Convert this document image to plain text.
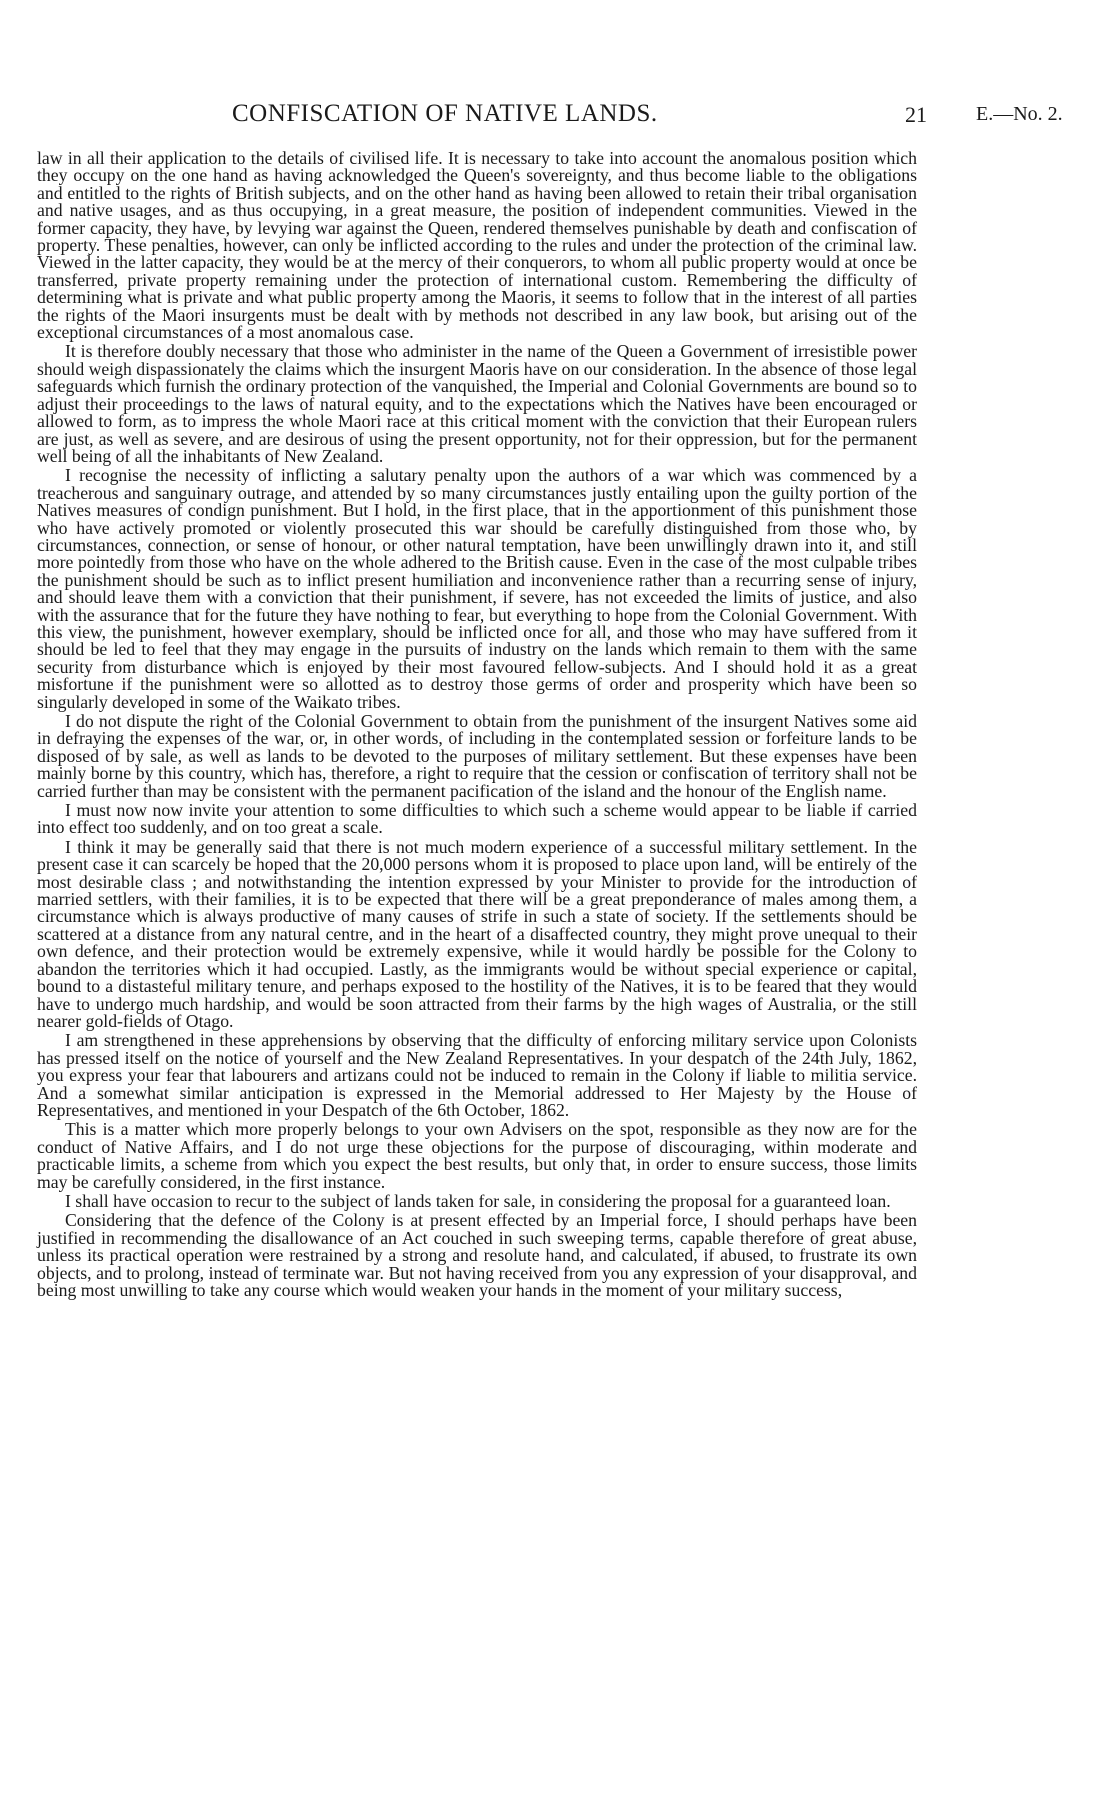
CONFISCATION OF NATIVE LANDS.	21 E.—No. 2.

law in all their application to the details of civilised life. It is necessary to take into account the anomalous position which they occupy on the one hand as having acknowledged the Queen's sovereignty, and thus become liable to the obligations and entitled to the rights of British subjects, and on the other hand as having been allowed to retain their tribal organisation and native usages, and as thus occupying, in a great measure, the position of independent communities. Viewed in the former capacity, they have, by levying war against the Queen, rendered themselves punishable by death and confiscation of property. These penalties, however, can only be inflicted according to the rules and under the protection of the criminal law. Viewed in the latter capacity, they would be at the mercy of their conquerors, to whom all public property would at once be transferred, private property remaining under the protection of international custom. Remembering the difficulty of determining what is private and what public property among the Maoris, it seems to follow that in the interest of all parties the rights of the Maori insurgents must be dealt with by methods not described in any law book, but arising out of the exceptional circumstances of a most anomalous case.

It is therefore doubly necessary that those who administer in the name of the Queen a Government of irresistible power should weigh dispassionately the claims which the insurgent Maoris have on our consideration. In the absence of those legal safeguards which furnish the ordinary protection of the vanquished, the Imperial and Colonial Governments are bound so to adjust their proceedings to the laws of natural equity, and to the expectations which the Natives have been encouraged or allowed to form, as to impress the whole Maori race at this critical moment with the conviction that their European rulers are just, as well as severe, and are desirous of using the present opportunity, not for their oppression, but for the permanent well being of all the inhabitants of New Zealand.

I recognise the necessity of inflicting a salutary penalty upon the authors of a war which was commenced by a treacherous and sanguinary outrage, and attended by so many circumstances justly entailing upon the guilty portion of the Natives measures of condign punishment. But I hold, in the first place, that in the apportionment of this punishment those who have actively promoted or violently prosecuted this war should be carefully distinguished from those who, by circumstances, connection, or sense of honour, or other natural temptation, have been unwillingly drawn into it, and still more pointedly from those who have on the whole adhered to the British cause. Even in the case of the most culpable tribes the punishment should be such as to inflict present humiliation and inconvenience rather than a recurring sense of injury, and should leave them with a conviction that their punishment, if severe, has not exceeded the limits of justice, and also with the assurance that for the future they have nothing to fear, but everything to hope from the Colonial Government. With this view, the punishment, however exemplary, should be inflicted once for all, and those who may have suffered from it should be led to feel that they may engage in the pursuits of industry on the lands which remain to them with the same security from disturbance which is enjoyed by their most favoured fellow-subjects. And I should hold it as a great misfortune if the punishment were so allotted as to destroy those germs of order and prosperity which have been so singularly developed in some of the Waikato tribes.

I do not dispute the right of the Colonial Government to obtain from the punishment of the insurgent Natives some aid in defraying the expenses of the war, or, in other words, of including in the contemplated session or forfeiture lands to be disposed of by sale, as well as lands to be devoted to the purposes of military settlement. But these expenses have been mainly borne by this country, which has, therefore, a right to require that the cession or confiscation of territory shall not be carried further than may be consistent with the permanent pacification of the island and the honour of the English name.

I must now now invite your attention to some difficulties to which such a scheme would appear to be liable if carried into effect too suddenly, and on too great a scale.

I think it may be generally said that there is not much modern experience of a successful military settlement. In the present case it can scarcely be hoped that the 20,000 persons whom it is proposed to place upon land, will be entirely of the most desirable class ; and notwithstanding the intention expressed by your Minister to provide for the introduction of married settlers, with their families, it is to be expected that there will be a great preponderance of males among them, a circumstance which is always productive of many causes of strife in such a state of society. If the settlements should be scattered at a distance from any natural centre, and in the heart of a disaffected country, they might prove unequal to their own defence, and their protection would be extremely expensive, while it would hardly be possible for the Colony to abandon the territories which it had occupied. Lastly, as the immigrants would be without special experience or capital, bound to a distasteful military tenure, and perhaps exposed to the hostility of the Natives, it is to be feared that they would have to undergo much hardship, and would be soon attracted from their farms by the high wages of Australia, or the still nearer gold-fields of Otago.

I am strengthened in these apprehensions by observing that the difficulty of enforcing military service upon Colonists has pressed itself on the notice of yourself and the New Zealand Representatives. In your despatch of the 24th July, 1862, you express your fear that labourers and artizans could not be induced to remain in the Colony if liable to militia service. And a somewhat similar anticipation is expressed in the Memorial addressed to Her Majesty by the House of Representatives, and mentioned in your Despatch of the 6th October, 1862.

This is a matter which more properly belongs to your own Advisers on the spot, responsible as they now are for the conduct of Native Affairs, and I do not urge these objections for the purpose of discouraging, within moderate and practicable limits, a scheme from which you expect the best results, but only that, in order to ensure success, those limits may be carefully considered, in the first instance.

I shall have occasion to recur to the subject of lands taken for sale, in considering the proposal for a guaranteed loan.

Considering that the defence of the Colony is at present effected by an Imperial force, I should perhaps have been justified in recommending the disallowance of an Act couched in such sweeping terms, capable therefore of great abuse, unless its practical operation were restrained by a strong and resolute hand, and calculated, if abused, to frustrate its own objects, and to prolong, instead of terminate war. But not having received from you any expression of your disapproval, and being most unwilling to take any course which would weaken your hands in the moment of your military success,
